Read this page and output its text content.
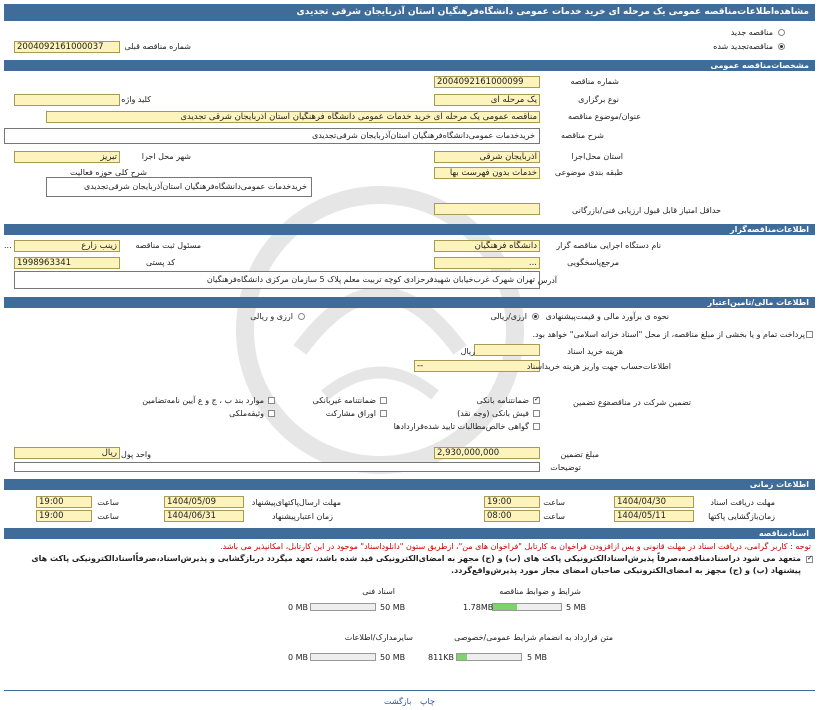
مشاهده‌اطلاعات‌مناقصه عمومی یک مرحله ای خرید خدمات عمومی دانشگاه‌فرهنگیان استان آذربایجان شرقی تجدیدی
مناقصه جدید
مناقصه‌تجدید شده
2004092161000037	شماره مناقصه قبلی
مشخصات‌مناقصه عمومی
2004092161000099	شماره مناقصه
یک مرحله ای	نوع برگزاری
کلید واژه
مناقصه عمومی یک مرحله ای خرید خدمات عمومی دانشگاه فرهنگیان استان آذربایجان شرقی تجدیدی	عنوان/موضوع مناقصه
خریدخدمات عمومی‌دانشگاه‌فرهنگیان استان‌آذربایجان شرقی‌تجدیدی	شرح مناقصه
آذربایجان شرقی	استان محل‌اجرا
تبریز	شهر محل اجرا
خدمات بدون فهرست بها	طبقه بندی موضوعی
شرح کلی حوزه فعالیت
خریدخدمات عمومی‌دانشگاه‌فرهنگیان استان‌آذربایجان شرقی‌تجدیدی
حداقل امتیاز قابل قبول ارزیابی فنی/بازرگانی
اطلاعات‌مناقصه‌گزار
دانشگاه فرهنگیان	نام دستگاه اجرایی مناقصه گزار
...	زینب زارع	مسئول ثبت مناقصه
...	مرجع‌پاسخگویی
1998963341	کد پستی
تهران شهرک غرب‌خیابان شهیدفرحزادی کوچه تربیت معلم پلاک 5 سازمان مرکزی دانشگاه‌فرهنگیان آدرس
اطلاعات مالی/تامین‌اعتبار
نحوه ی برآورد مالی و قیمت‌پیشنهادی
ارزی/ریالی
ارزی و ریالی
پرداخت تمام و یا بخشی از مبلغ مناقصه، از محل "اسناد خزانه اسلامی" خواهد بود.
هزینه خرید اسناد
ریال
--	اطلاعات‌حساب جهت واریز هزینه خریداسناد
تضمین شرکت در مناقصه:
نوع تضمین
✓
ضمانتنامه بانکی
ضمانتنامه غیربانکی
موارد بند ب ، ج و ع آیین نامەتضامین
فیش بانکی (وجه نقد)
وثیقه‌ملکی	اوراق مشارکت
گواهی خالص‌مطالبات تایید شده‌قراردادها
2,930,000,000	مبلغ تضمین
ریال واحد پول
توضیحات
اطلاعات زمانی
1404/04/30	مهلت دریافت اسناد
19:00	ساعت
1404/05/09	مهلت ارسال‌پاکتهای‌پیشنهاد
19:00	ساعت
1404/05/11	زمان‌بازگشایی پاکتها
08:00	ساعت
1404/06/31	زمان اعتبارپیشنهاد
19:00	ساعت
اسنادمناقصه
توجه : کاربر گرامی، دریافت اسناد در مهلت قانونی و پس ازافزودن فراخوان به کارتابل "فراخوان های من"، ازطریق ستون "دانلوداسناد" موجود در این کارتابل، امکانپذیر می باشد.
✓
متعهد می شود دراسنادمناقصه،صرفاً پذیرش‌اسنادالکترونیکی پاکت های (ب) و (ج) مجهز به امضای‌الکترونیکی قید شده باشد، تعهد میگردد دربازگشایی و پذیرش‌اسناد،صرفاًاسنادالکترونیکی پاکت های پیشنهاد (ب) و (ج) مجهز به امضای‌الکترونیکی صاحبان امضای مجاز مورد پذیرش‌واقع‌گردد.
شرایط و ضوابط مناقصه
5 MB
1.78MB
اسناد فنی
50 MB
0 MB
متن قرارداد به انضمام شرایط عمومی/خصوصی
5 MB
811KB
سایرمدارک/اطلاعات
50 MB
0 MB
بازگشت چاپ
